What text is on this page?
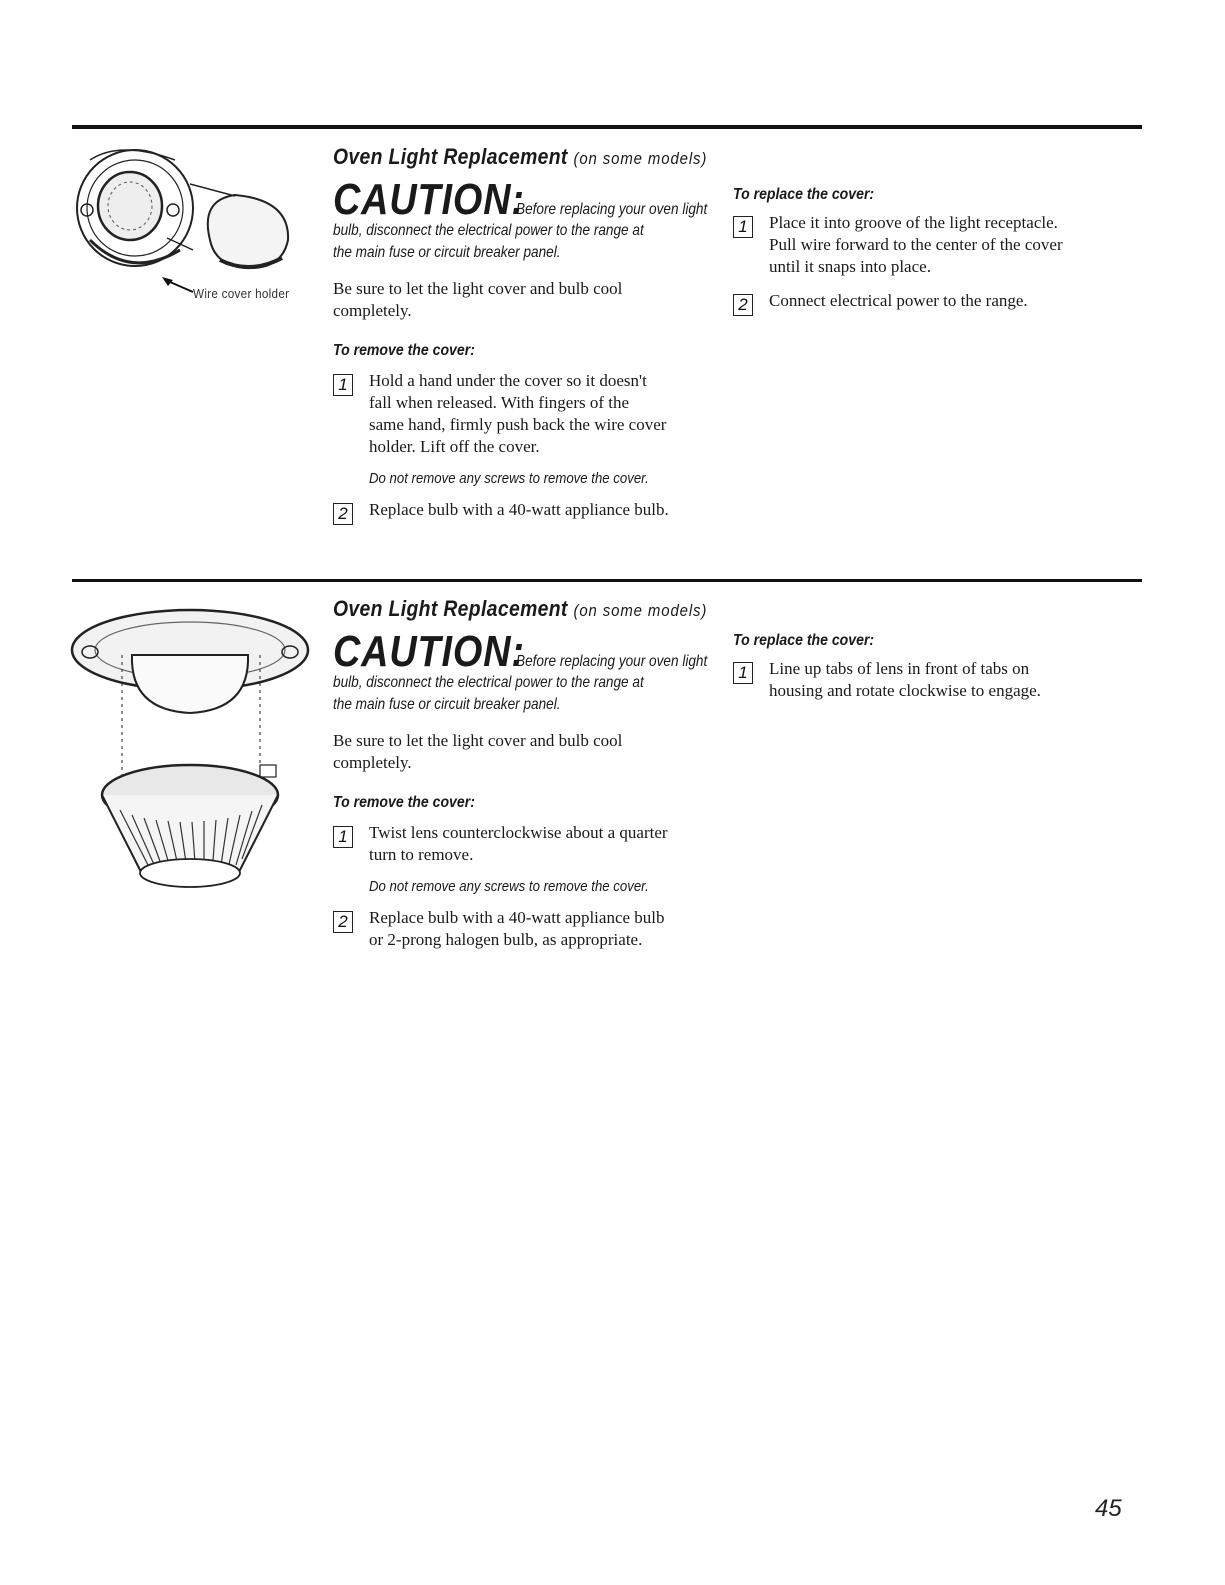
Wire cover holder
Oven Light Replacement (on some models)
CAUTION: Before replacing your oven light

bulb, disconnect the electrical power to the range at

the main fuse or circuit breaker panel.

Be sure to let the light cover and bulb cool
completely.

To remove the cover:

1	Hold a hand under the cover so it doesn't
fall when released. With fingers of the
same hand, firmly push back the wire cover
holder. Lift off the cover.

Do not remove any screws to remove the cover.

2	Replace bulb with a 40-watt appliance bulb.

To replace the cover:

1	Place it into groove of the light receptacle.
Pull wire forward to the center of the cover
until it snaps into place.

2	Connect electrical power to the range.

Oven Light Replacement (on some models)
CAUTION: Before replacing your oven light

bulb, disconnect the electrical power to the range at

the main fuse or circuit breaker panel.

Be sure to let the light cover and bulb cool
completely.

To remove the cover:

1	Twist lens counterclockwise about a quarter
turn to remove.

Do not remove any screws to remove the cover.

2	Replace bulb with a 40-watt appliance bulb
or 2-prong halogen bulb, as appropriate.

To replace the cover:

1	Line up tabs of lens in front of tabs on
housing and rotate clockwise to engage.

45
